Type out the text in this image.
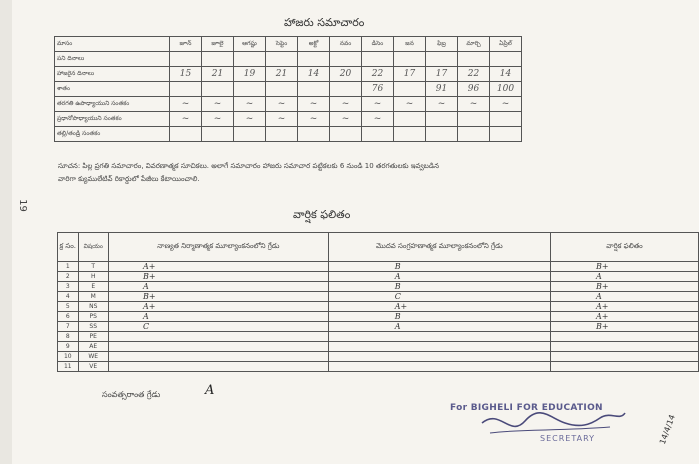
19
హాజరు సమాచారం
మాసం	జూన్	జూలై	ఆగష్టు	సెప్టెం	అక్టో	నవం	డిసెం	జన	ఫిబ్ర	మార్చి	ఏప్రిల్
పని దినాలు											
హాజరైన దినాలు	15	21	19	21	14	20	22	17	17	22	14
శాతం							76		91	96	100
తరగతి ఉపాధ్యాయుని సంతకం	~	~	~	~	~	~	~	~	~	~	~
ప్రధానోపాధ్యాయుని సంతకం	~	~	~	~	~	~	~				
తల్లి/తండ్రి సంతకం											
సూచన: పిల్ల ప్రగతి సమాచారం, వివరణాత్మక సూచికలు. అలాగే సమాచారం హాజరు సమాచార పట్టికలకు 6 నుండి 10 తరగతులకు ఇవ్వబడిన
వారిగా క్యుములేటివ్ రికార్డులో పేజీలు కేటాయించాలి.
వార్షిక ఫలితం
క్ర సం.	విషయం	నాణ్యత నిర్మాణాత్మక మూల్యాంకనంలోని గ్రేడు	మొదవ సంగ్రహణాత్మక మూల్యాంకనంలోని గ్రేడు	వార్షిక ఫలితం
1	T	A+	B	B+
2	H	B+	A	A
3	E	A	B	B+
4	M	B+	C	A
5	NS	A+	A+	A+
6	PS	A	B	A+
7	SS	C	A	B+
8	PE			
9	AE			
10	WE			
11	VE			
సంవత్సరాంత గ్రేడు	A
For BIGHELI FOR EDUCATION
SECRETARY	14/4/14
